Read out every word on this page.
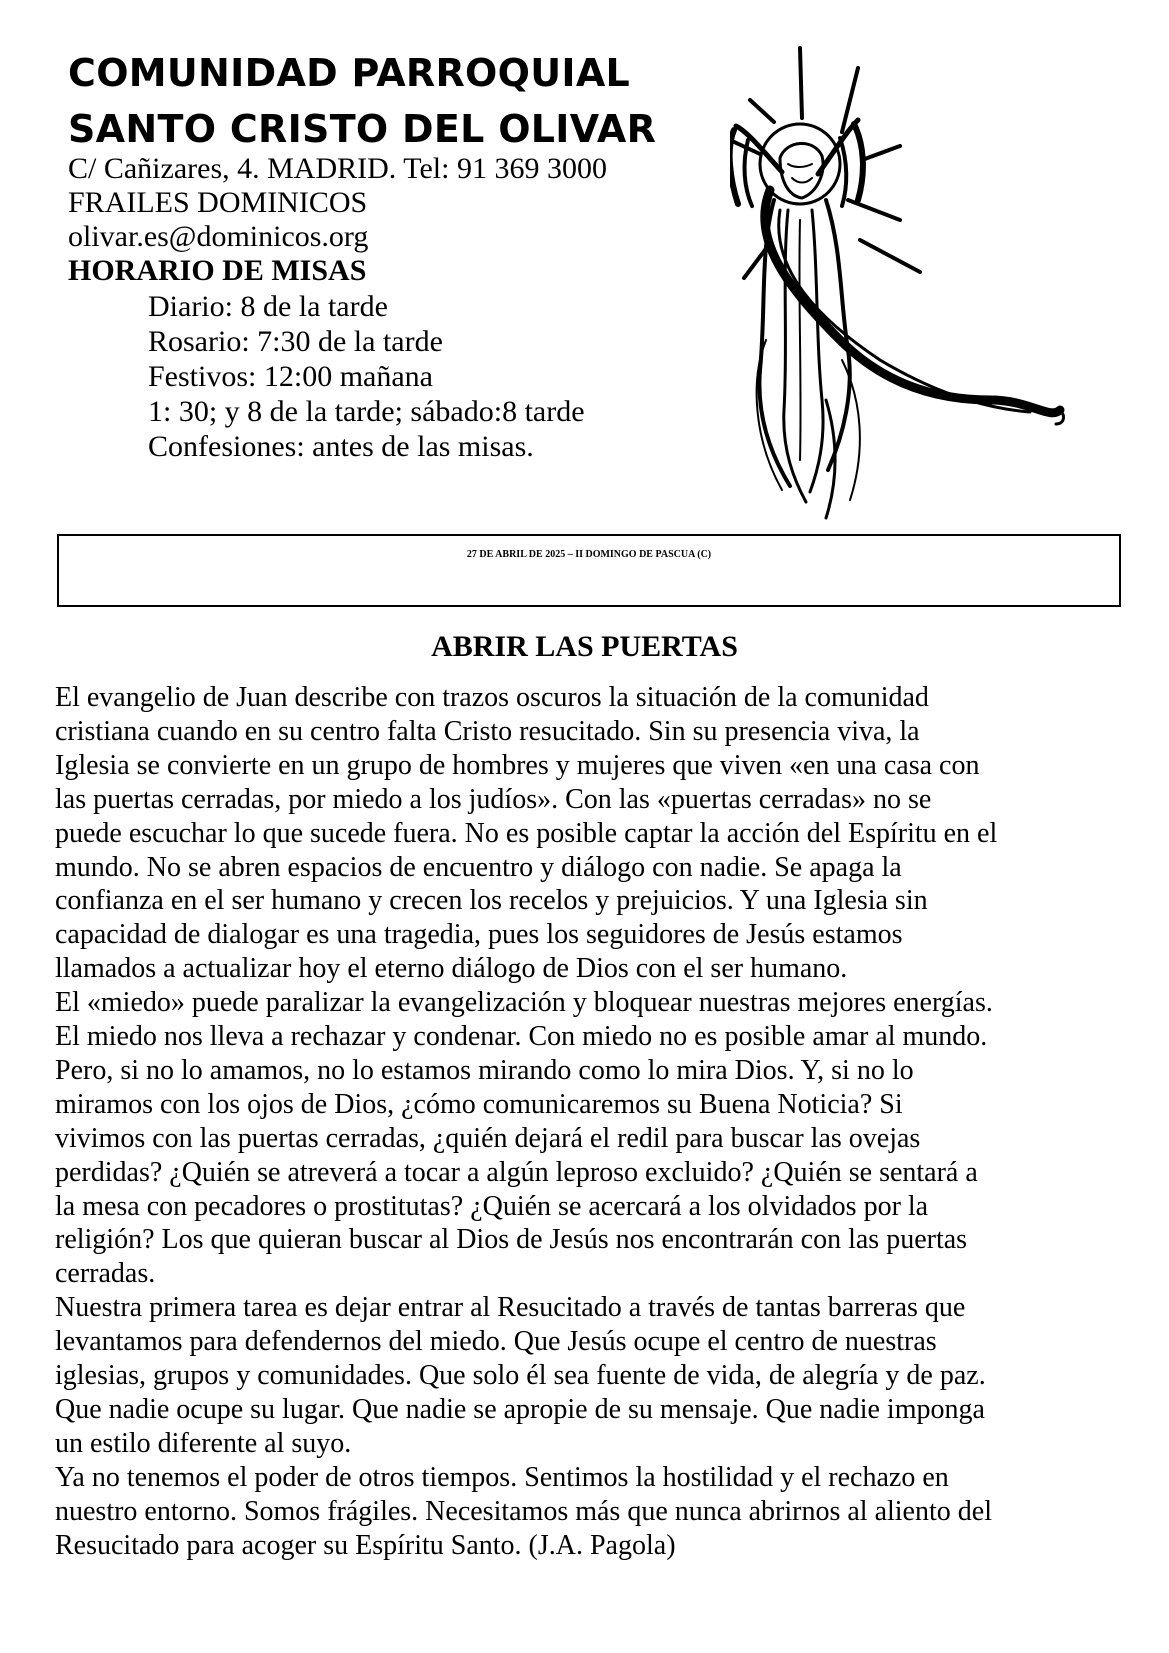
COMUNIDAD PARROQUIAL
SANTO CRISTO DEL OLIVAR
C/ Cañizares, 4. MADRID. Tel: 91 369 3000
FRAILES DOMINICOS
olivar.es@dominicos.org
HORARIO DE MISAS
Diario: 8 de la tarde
Rosario: 7:30 de la tarde
Festivos: 12:00 mañana
1: 30; y 8 de la tarde; sábado:8 tarde
Confesiones: antes de las misas.
27 DE ABRIL DE 2025 – II DOMINGO DE PASCUA (C)
ABRIR LAS PUERTAS
El evangelio de Juan describe con trazos oscuros la situación de la comunidad
cristiana cuando en su centro falta Cristo resucitado. Sin su presencia viva, la
Iglesia se convierte en un grupo de hombres y mujeres que viven «en una casa con
las puertas cerradas, por miedo a los judíos». Con las «puertas cerradas» no se
puede escuchar lo que sucede fuera. No es posible captar la acción del Espíritu en el
mundo. No se abren espacios de encuentro y diálogo con nadie. Se apaga la
confianza en el ser humano y crecen los recelos y prejuicios. Y una Iglesia sin
capacidad de dialogar es una tragedia, pues los seguidores de Jesús estamos
llamados a actualizar hoy el eterno diálogo de Dios con el ser humano.
El «miedo» puede paralizar la evangelización y bloquear nuestras mejores energías.
El miedo nos lleva a rechazar y condenar. Con miedo no es posible amar al mundo.
Pero, si no lo amamos, no lo estamos mirando como lo mira Dios. Y, si no lo
miramos con los ojos de Dios, ¿cómo comunicaremos su Buena Noticia? Si
vivimos con las puertas cerradas, ¿quién dejará el redil para buscar las ovejas
perdidas? ¿Quién se atreverá a tocar a algún leproso excluido? ¿Quién se sentará a
la mesa con pecadores o prostitutas? ¿Quién se acercará a los olvidados por la
religión? Los que quieran buscar al Dios de Jesús nos encontrarán con las puertas
cerradas.
Nuestra primera tarea es dejar entrar al Resucitado a través de tantas barreras que
levantamos para defendernos del miedo. Que Jesús ocupe el centro de nuestras
iglesias, grupos y comunidades. Que solo él sea fuente de vida, de alegría y de paz.
Que nadie ocupe su lugar. Que nadie se apropie de su mensaje. Que nadie imponga
un estilo diferente al suyo.
Ya no tenemos el poder de otros tiempos. Sentimos la hostilidad y el rechazo en
nuestro entorno. Somos frágiles. Necesitamos más que nunca abrirnos al aliento del
Resucitado para acoger su Espíritu Santo. (J.A. Pagola)
